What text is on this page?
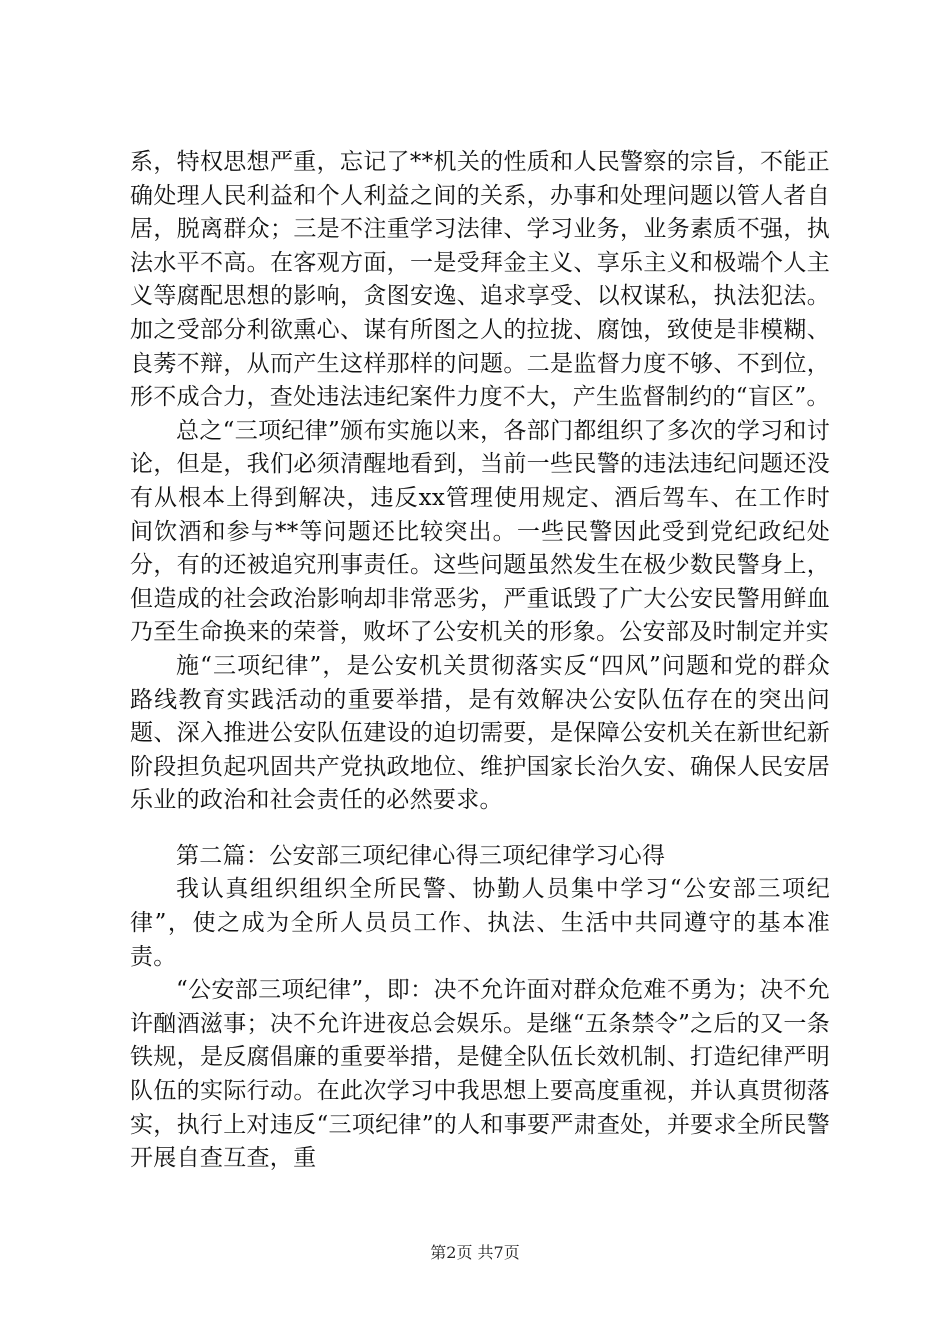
系，特权思想严重，忘记了**机关的性质和人民警察的宗旨，不能正确处理人民利益和个人利益之间的关系，办事和处理问题以管人者自居，脱离群众；三是不注重学习法律、学习业务，业务素质不强，执法水平不高。在客观方面，一是受拜金主义、享乐主义和极端个人主义等腐配思想的影响，贪图安逸、追求享受、以权谋私，执法犯法。加之受部分利欲熏心、谋有所图之人的拉拢、腐蚀，致使是非模糊、良莠不辩，从而产生这样那样的问题。二是监督力度不够、不到位，形不成合力，查处违法违纪案件力度不大，产生监督制约的“盲区”。

总之“三项纪律”颁布实施以来，各部门都组织了多次的学习和讨论，但是，我们必须清醒地看到，当前一些民警的违法违纪问题还没有从根本上得到解决，违反xx管理使用规定、酒后驾车、在工作时间饮酒和参与**等问题还比较突出。一些民警因此受到党纪政纪处分，有的还被追究刑事责任。这些问题虽然发生在极少数民警身上，但造成的社会政治影响却非常恶劣，严重诋毁了广大公安民警用鲜血乃至生命换来的荣誉，败坏了公安机关的形象。公安部及时制定并实

施“三项纪律”，是公安机关贯彻落实反“四风”问题和党的群众路线教育实践活动的重要举措，是有效解决公安队伍存在的突出问题、深入推进公安队伍建设的迫切需要，是保障公安机关在新世纪新阶段担负起巩固共产党执政地位、维护国家长治久安、确保人民安居乐业的政治和社会责任的必然要求。

第二篇：公安部三项纪律心得三项纪律学习心得

我认真组织组织全所民警、协勤人员集中学习“公安部三项纪律”，使之成为全所人员员工作、执法、生活中共同遵守的基本准责。

“公安部三项纪律”，即：决不允许面对群众危难不勇为；决不允许酗酒滋事；决不允许进夜总会娱乐。是继“五条禁令”之后的又一条铁规，是反腐倡廉的重要举措，是健全队伍长效机制、打造纪律严明队伍的实际行动。在此次学习中我思想上要高度重视，并认真贯彻落实，执行上对违反“三项纪律”的人和事要严肃查处，并要求全所民警开展自查互查，重

第2页 共7页
